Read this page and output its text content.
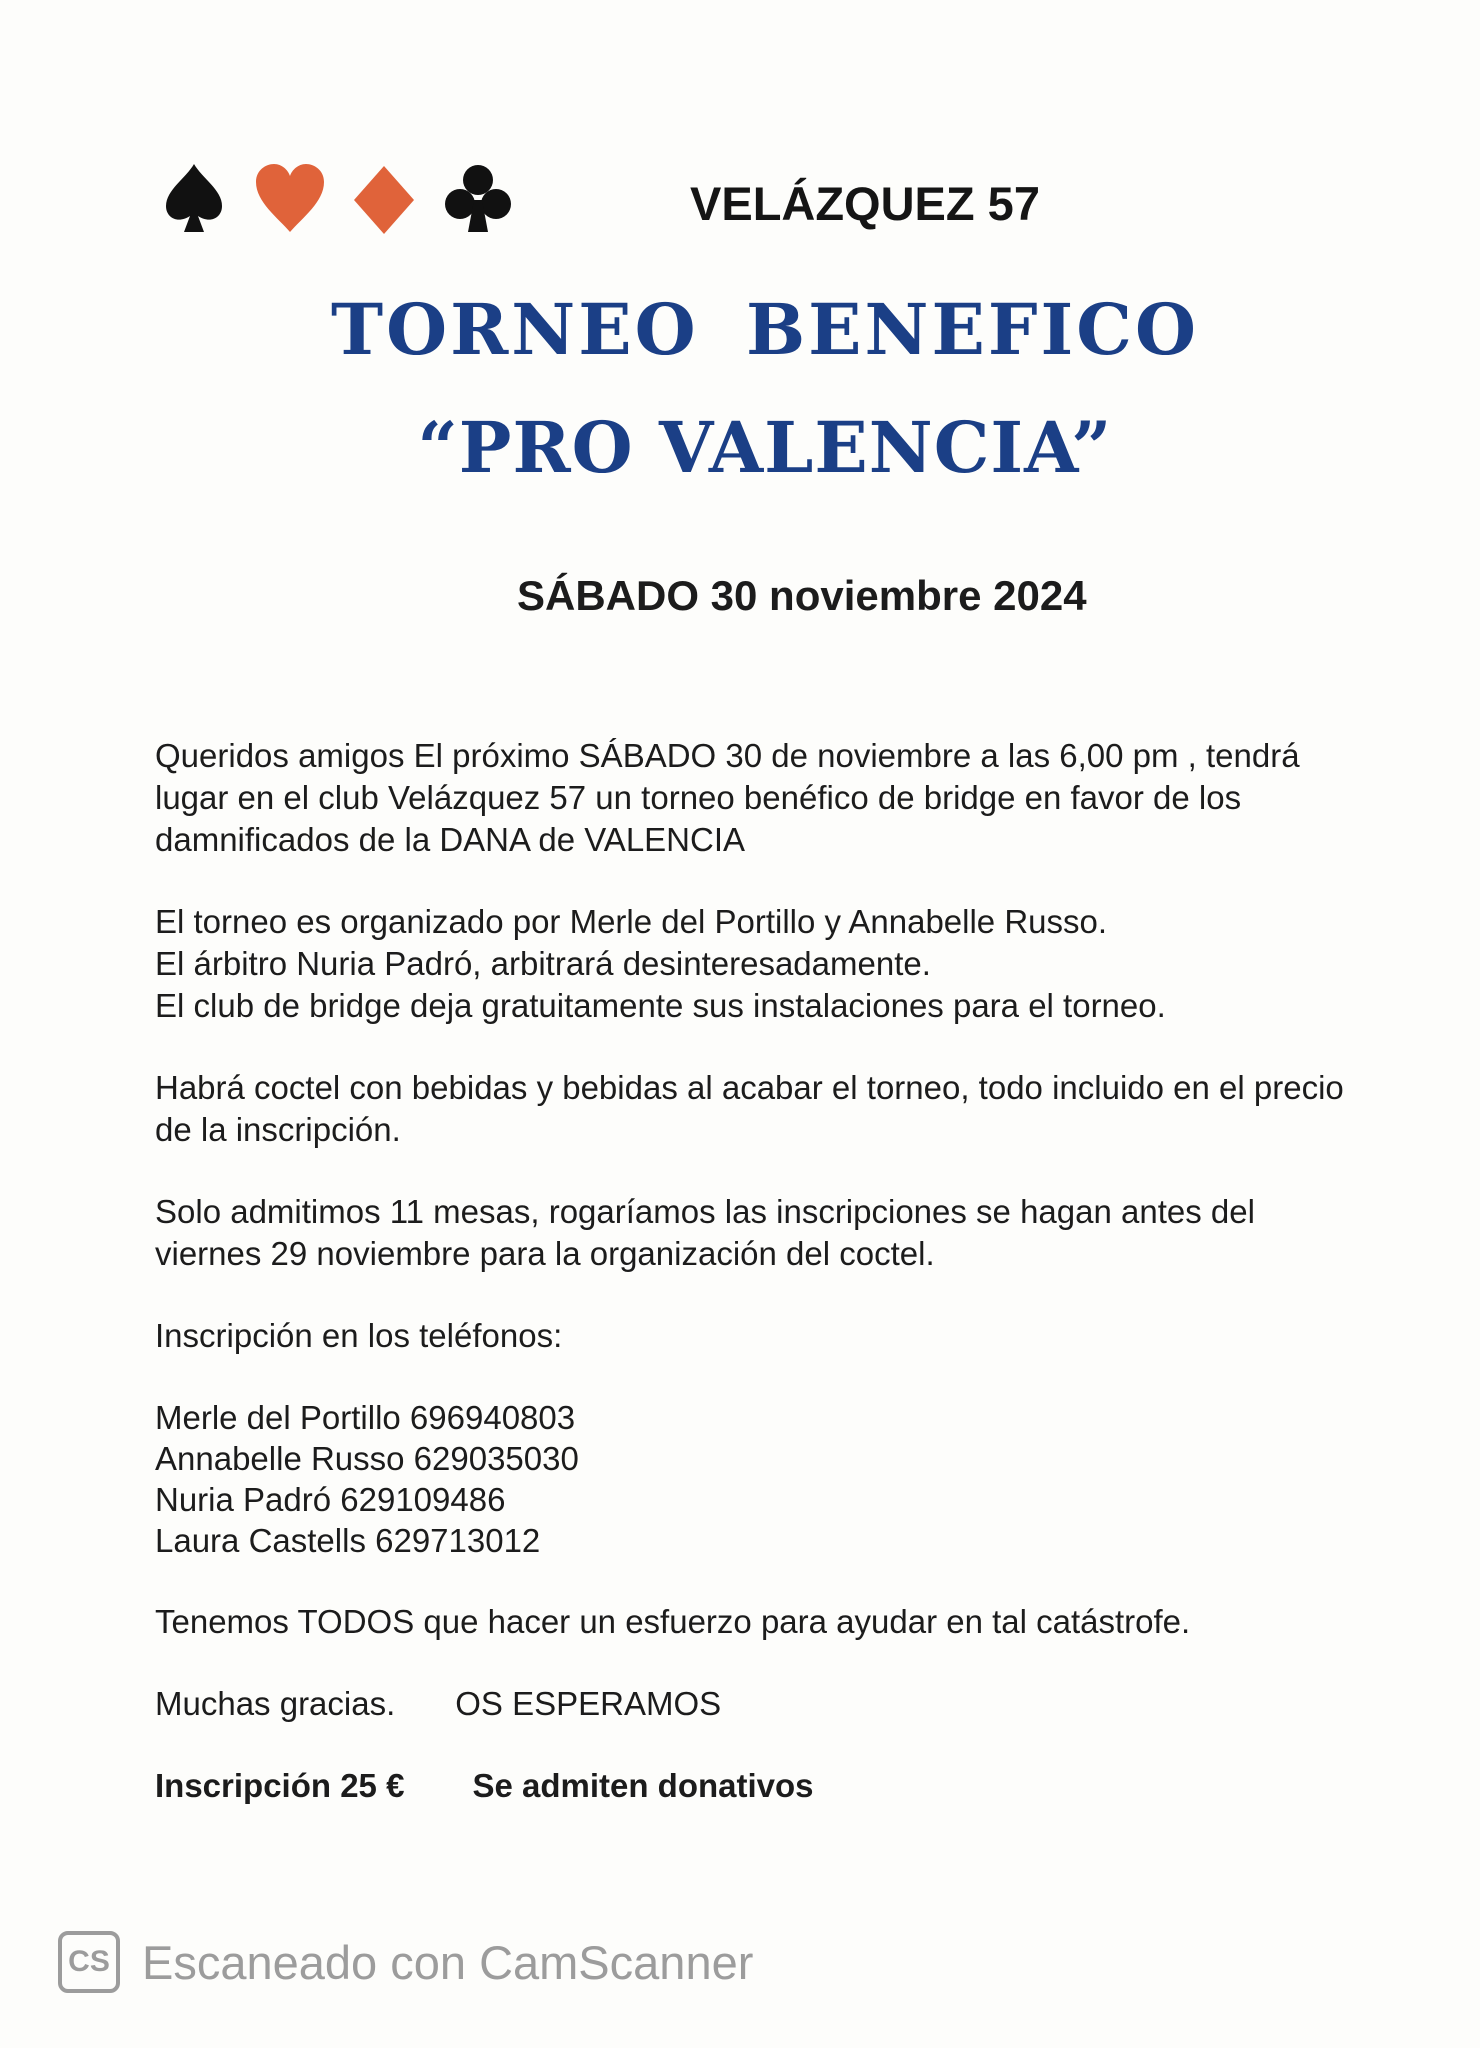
VELÁZQUEZ 57
TORNEO BENEFICO
“PRO VALENCIA”
SÁBADO 30 noviembre 2024

Queridos amigos El próximo SÁBADO 30 de noviembre a las 6,00 pm , tendrá lugar en el club Velázquez 57 un torneo benéfico de bridge en favor de los damnificados de la DANA de VALENCIA

El torneo es organizado por Merle del Portillo y Annabelle Russo.
El árbitro Nuria Padró, arbitrará desinteresadamente.
El club de bridge deja gratuitamente sus instalaciones para el torneo.

Habrá coctel con bebidas y bebidas al acabar el torneo, todo incluido en el precio de la inscripción.

Solo admitimos 11 mesas, rogaríamos las inscripciones se hagan antes del viernes 29 noviembre para la organización del coctel.

Inscripción en los teléfonos:

Merle del Portillo 696940803
Annabelle Russo 629035030
Nuria Padró 629109486
Laura Castells 629713012

Tenemos TODOS que hacer un esfuerzo para ayudar en tal catástrofe.

Muchas gracias. OS ESPERAMOS

Inscripción 25 € Se admiten donativos

CS Escaneado con CamScanner
